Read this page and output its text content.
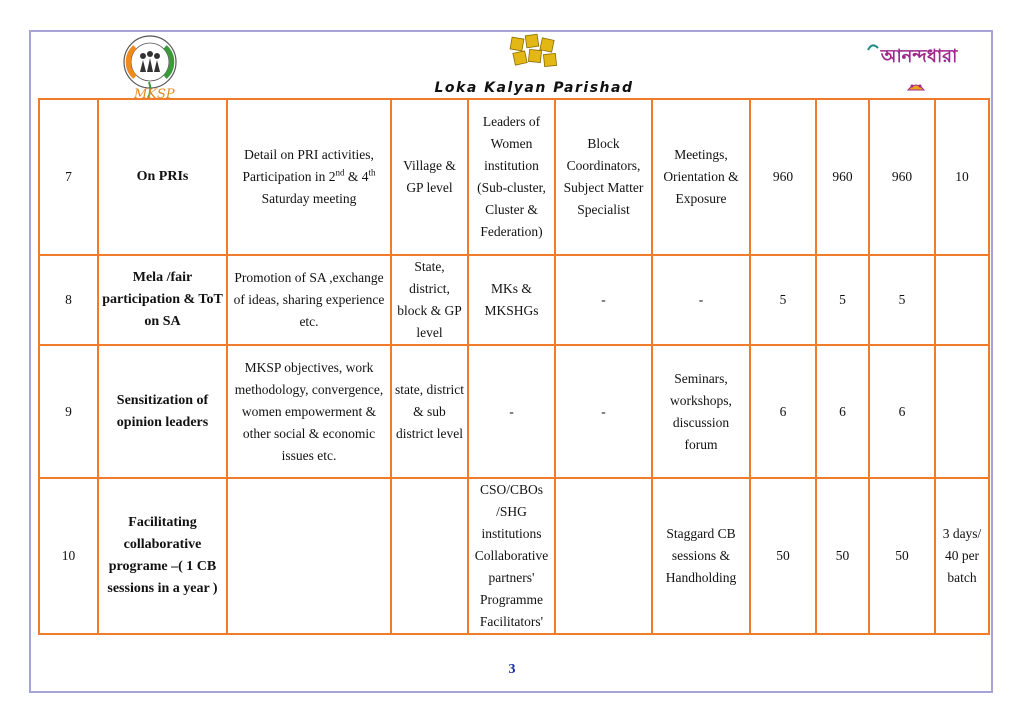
MKSP	Loka Kalyan Parishad
আনন্দধারা
7	On PRIs	Detail on PRI activities, Participation in 2nd & 4th Saturday meeting	Village & GP level	Leaders of Women institution (Sub-cluster, Cluster & Federation)	Block Coordinators, Subject Matter Specialist	Meetings, Orientation & Exposure	960	960	960	10
8	Mela /fair participation & ToT on SA	Promotion of SA ,exchange of ideas, sharing experience etc.	State, district, block & GP level	MKs & MKSHGs	-	-	5	5	5	
9	Sensitization of opinion leaders	MKSP objectives, work methodology, convergence, women empowerment & other social & economic issues etc.	state, district & sub district level	-	-	Seminars, workshops, discussion forum	6	6	6	
10	Facilitating collaborative programe –( 1 CB sessions in a year )			CSO/CBOs /SHG institutions Collaborative partners' Programme Facilitators'		Staggard CB sessions & Handholding	50	50	50	3 days/ 40 per batch
3
